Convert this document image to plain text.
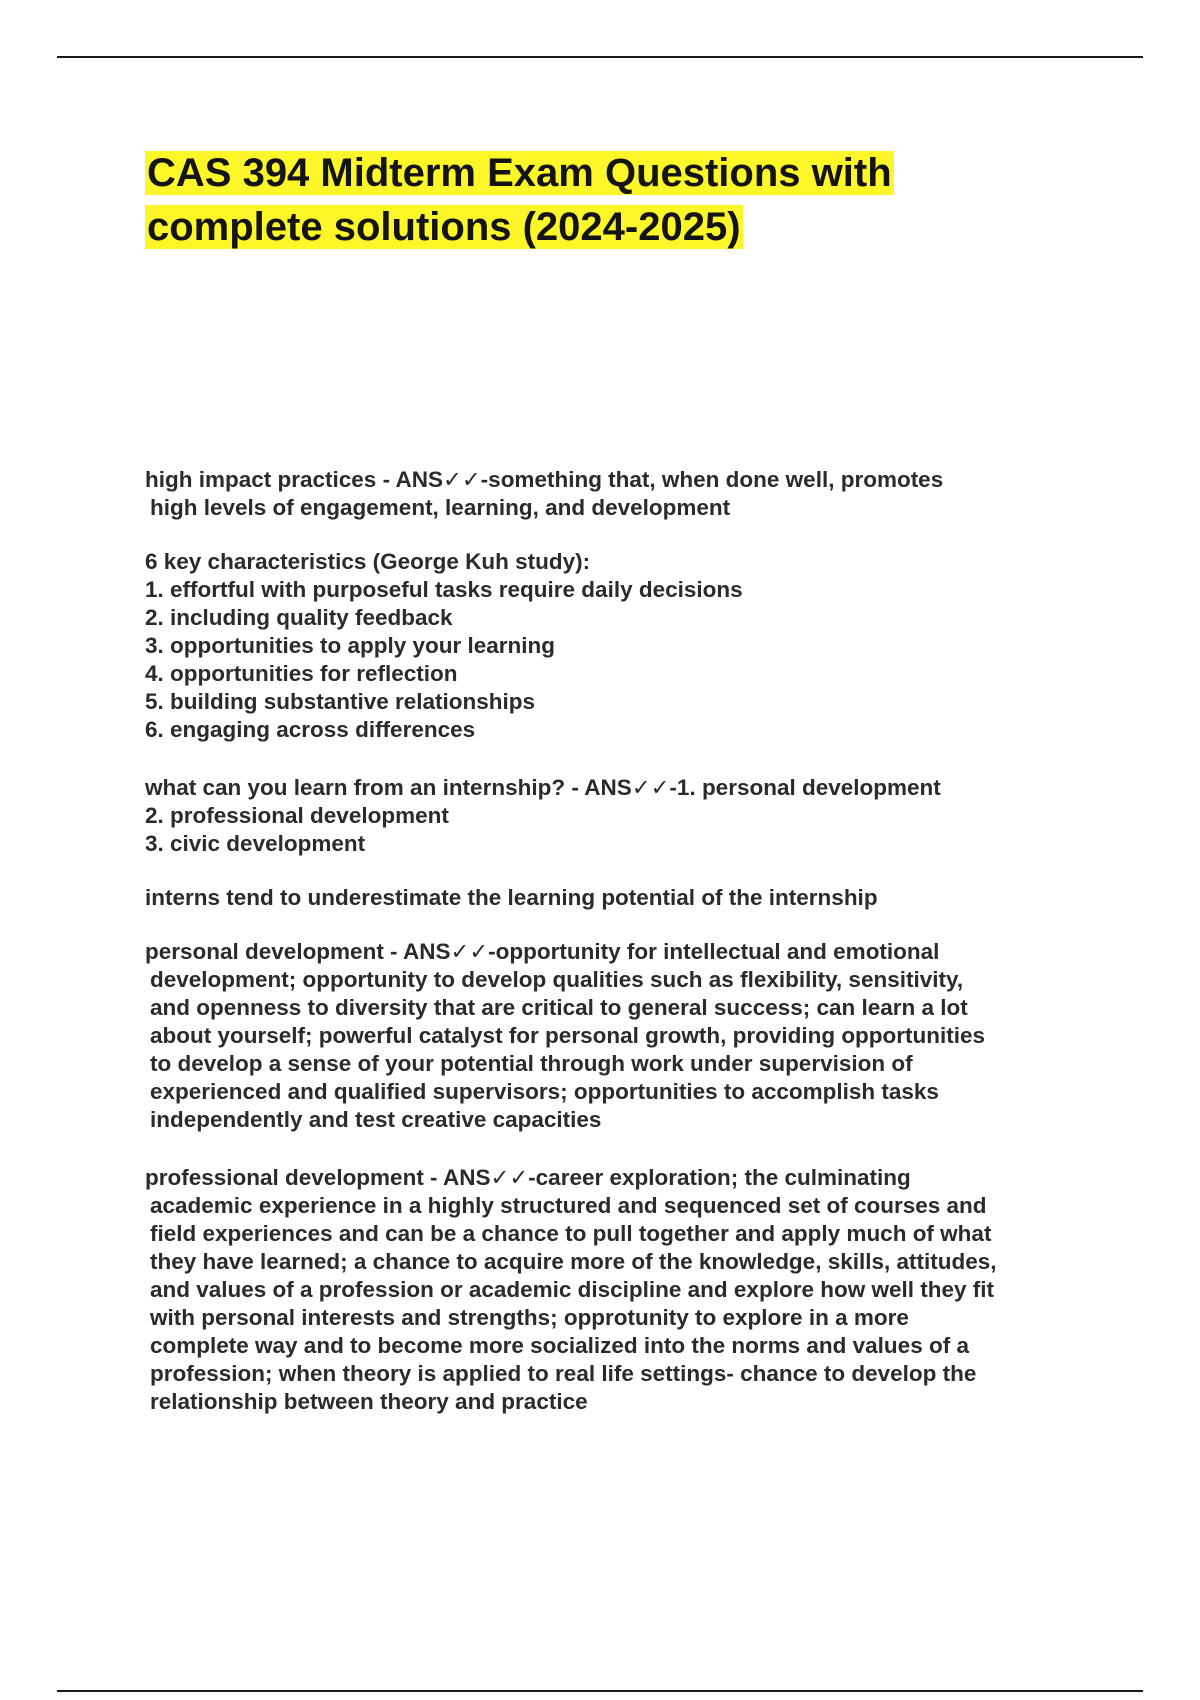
CAS 394 Midterm Exam Questions with
complete solutions (2024-2025)

high impact practices - ANS✓✓-something that, when done well, promotes

high levels of engagement, learning, and development

6 key characteristics (George Kuh study):

1. effortful with purposeful tasks require daily decisions

2. including quality feedback

3. opportunities to apply your learning

4. opportunities for reflection

5. building substantive relationships

6. engaging across differences

what can you learn from an internship? - ANS✓✓-1. personal development

2. professional development

3. civic development

interns tend to underestimate the learning potential of the internship

personal development - ANS✓✓-opportunity for intellectual and emotional

development; opportunity to develop qualities such as flexibility, sensitivity,
and openness to diversity that are critical to general success; can learn a lot
about yourself; powerful catalyst for personal growth, providing opportunities
to develop a sense of your potential through work under supervision of
experienced and qualified supervisors; opportunities to accomplish tasks
independently and test creative capacities

professional development - ANS✓✓-career exploration; the culminating

academic experience in a highly structured and sequenced set of courses and
field experiences and can be a chance to pull together and apply much of what
they have learned; a chance to acquire more of the knowledge, skills, attitudes,
and values of a profession or academic discipline and explore how well they fit
with personal interests and strengths; opprotunity to explore in a more
complete way and to become more socialized into the norms and values of a
profession; when theory is applied to real life settings- chance to develop the
relationship between theory and practice
